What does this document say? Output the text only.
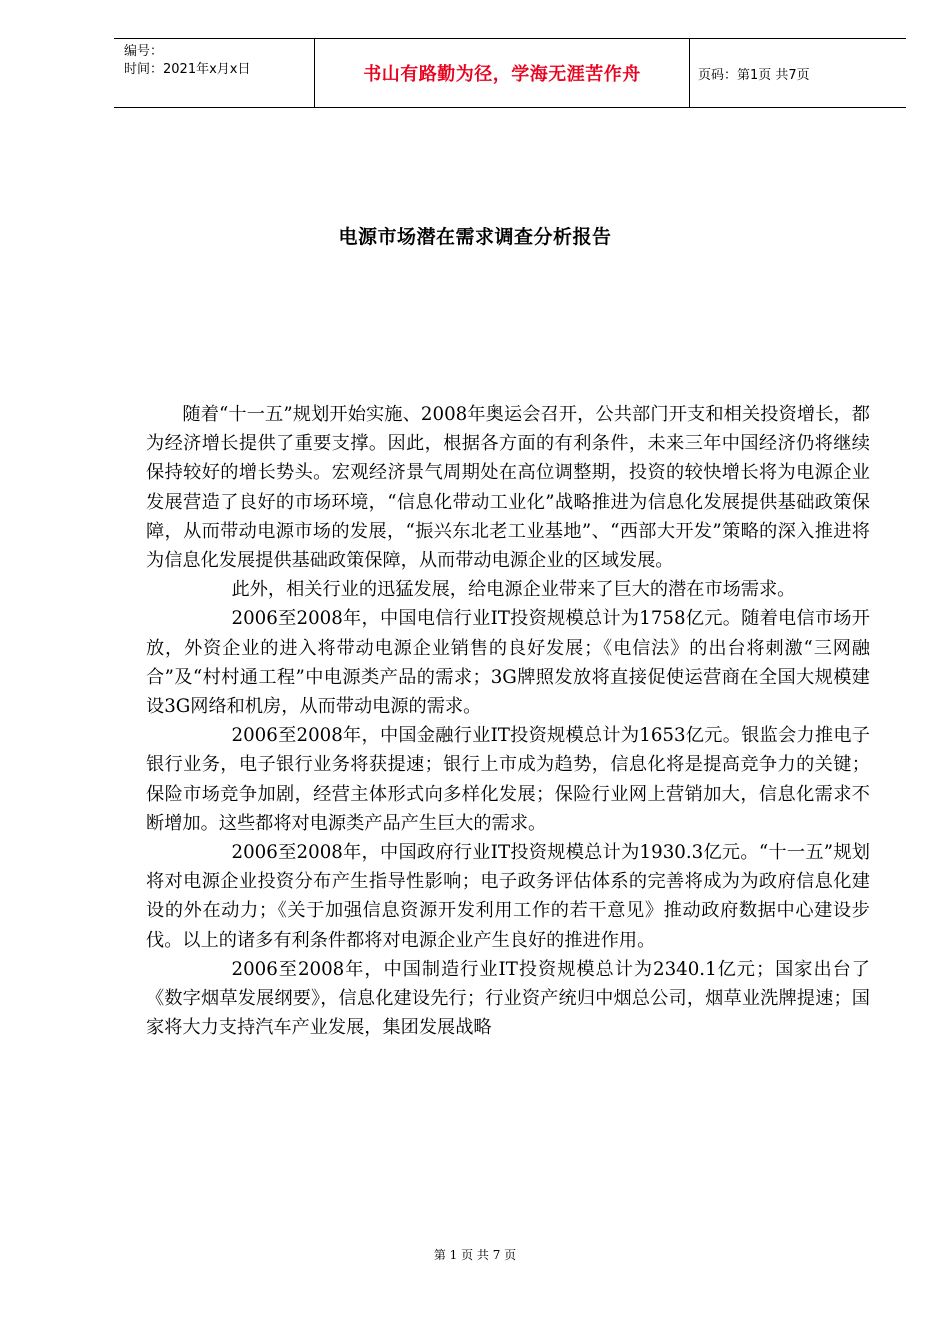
编号：
时间：2021年x月x日	书山有路勤为径，学海无涯苦作舟	页码：第1页 共7页
电源市场潜在需求调查分析报告

随着“十一五”规划开始实施、2008年奥运会召开，公共部门开支和相关投资增长，都为经济增长提供了重要支撑。因此，根据各方面的有利条件，未来三年中国经济仍将继续保持较好的增长势头。宏观经济景气周期处在高位调整期，投资的较快增长将为电源企业发展营造了良好的市场环境，“信息化带动工业化”战略推进为信息化发展提供基础政策保障，从而带动电源市场的发展，“振兴东北老工业基地”、“西部大开发”策略的深入推进将为信息化发展提供基础政策保障，从而带动电源企业的区域发展。

此外，相关行业的迅猛发展，给电源企业带来了巨大的潜在市场需求。

2006至2008年，中国电信行业IT投资规模总计为1758亿元。随着电信市场开放，外资企业的进入将带动电源企业销售的良好发展；《电信法》的出台将刺激“三网融合”及“村村通工程”中电源类产品的需求；3G牌照发放将直接促使运营商在全国大规模建设3G网络和机房，从而带动电源的需求。

2006至2008年，中国金融行业IT投资规模总计为1653亿元。银监会力推电子银行业务，电子银行业务将获提速；银行上市成为趋势，信息化将是提高竞争力的关键；保险市场竞争加剧，经营主体形式向多样化发展；保险行业网上营销加大，信息化需求不断增加。这些都将对电源类产品产生巨大的需求。

2006至2008年，中国政府行业IT投资规模总计为1930.3亿元。“十一五”规划将对电源企业投资分布产生指导性影响；电子政务评估体系的完善将成为为政府信息化建设的外在动力；《关于加强信息资源开发利用工作的若干意见》推动政府数据中心建设步伐。以上的诸多有利条件都将对电源企业产生良好的推进作用。

2006至2008年，中国制造行业IT投资规模总计为2340.1亿元；国家出台了《数字烟草发展纲要》，信息化建设先行；行业资产统归中烟总公司，烟草业洗牌提速；国家将大力支持汽车产业发展，集团发展战略

第 1 页 共 7 页
